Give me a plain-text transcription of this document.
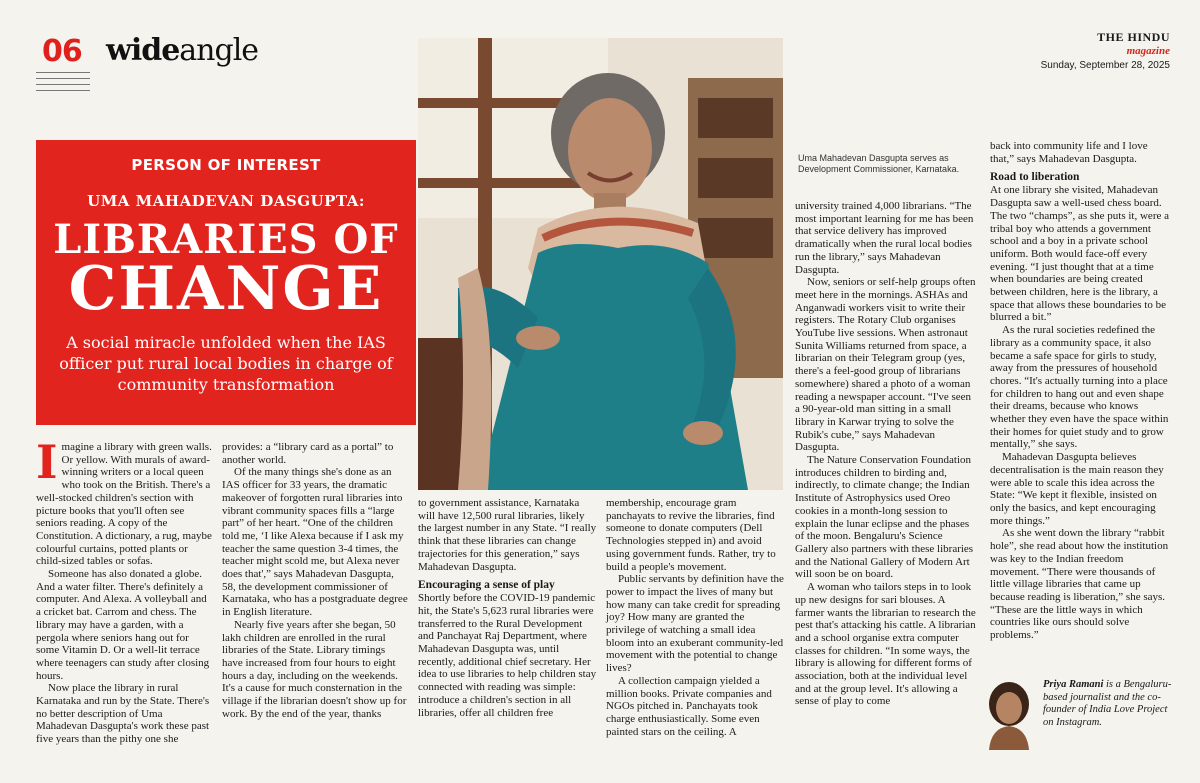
06 wideangle	THE HINDU
magazine
Sunday, September 28, 2025
PERSON OF INTEREST
UMA MAHADEVAN DASGUPTA:
LIBRARIES OF
CHANGE
A social miracle unfolded when the IAS officer put rural local bodies in charge of community transformation
Uma Mahadevan Dasgupta serves as Development Commissioner, Karnataka.

Imagine a library with green walls. Or yellow. With murals of award-winning writers or a local queen who took on the British. There's a well-stocked children's section with picture books that you'll often see seniors reading. A copy of the Constitution. A dictionary, a rug, maybe colourful curtains, potted plants or child-sized tables or sofas.

Someone has also donated a globe. And a water filter. There's definitely a computer. And Alexa. A volleyball and a cricket bat. Carrom and chess. The library may have a garden, with a pergola where seniors hang out for some Vitamin D. Or a well-lit terrace where teenagers can study after closing hours.

Now place the library in rural Karnataka and run by the State. There's no better description of Uma Mahadevan Dasgupta's work these past five years than the pithy one she

provides: a “library card as a portal” to another world.

Of the many things she's done as an IAS officer for 33 years, the dramatic makeover of forgotten rural libraries into vibrant community spaces fills a “large part” of her heart. “One of the children told me, ‘I like Alexa because if I ask my teacher the same question 3-4 times, the teacher might scold me, but Alexa never does that',” says Mahadevan Dasgupta, 58, the development commissioner of Karnataka, who has a postgraduate degree in English literature.

Nearly five years after she began, 50 lakh children are enrolled in the rural libraries of the State. Library timings have increased from four hours to eight hours a day, including on the weekends. It's a cause for much consternation in the village if the librarian doesn't show up for work. By the end of the year, thanks

to government assistance, Karnataka will have 12,500 rural libraries, likely the largest number in any State. “I really think that these libraries can change trajectories for this generation,” says Mahadevan Dasgupta.

Encouraging a sense of play

Shortly before the COVID-19 pandemic hit, the State's 5,623 rural libraries were transferred to the Rural Development and Panchayat Raj Department, where Mahadevan Dasgupta was, until recently, additional chief secretary. Her idea to use libraries to help children stay connected with reading was simple: introduce a children's section in all libraries, offer all children free

membership, encourage gram panchayats to revive the libraries, find someone to donate computers (Dell Technologies stepped in) and avoid using government funds. Rather, try to build a people's movement.

Public servants by definition have the power to impact the lives of many but how many can take credit for spreading joy? How many are granted the privilege of watching a small idea bloom into an exuberant community-led movement with the potential to change lives?

A collection campaign yielded a million books. Private companies and NGOs pitched in. Panchayats took charge enthusiastically. Some even painted stars on the ceiling. A

university trained 4,000 librarians. “The most important learning for me has been that service delivery has improved dramatically when the rural local bodies run the library,” says Mahadevan Dasgupta.

Now, seniors or self-help groups often meet here in the mornings. ASHAs and Anganwadi workers visit to write their registers. The Rotary Club organises YouTube live sessions. When astronaut Sunita Williams returned from space, a librarian on their Telegram group (yes, there's a feel-good group of librarians somewhere) shared a photo of a woman reading a newspaper account. “I've seen a 90-year-old man sitting in a small library in Karwar trying to solve the Rubik's cube,” says Mahadevan Dasgupta.

The Nature Conservation Foundation introduces children to birding and, indirectly, to climate change; the Indian Institute of Astrophysics used Oreo cookies in a month-long session to explain the lunar eclipse and the phases of the moon. Bengaluru's Science Gallery also partners with these libraries and the National Gallery of Modern Art will soon be on board.

A woman who tailors steps in to look up new designs for sari blouses. A farmer wants the librarian to research the pest that's attacking his cattle. A librarian and a school organise extra computer classes for children. “In some ways, the library is allowing for different forms of association, both at the individual level and at the group level. It's allowing a sense of play to come

back into community life and I love that,” says Mahadevan Dasgupta.

Road to liberation

At one library she visited, Mahadevan Dasgupta saw a well-used chess board. The two “champs”, as she puts it, were a tribal boy who attends a government school and a boy in a private school uniform. Both would face-off every evening. “I just thought that at a time when boundaries are being created between children, here is the library, a space that allows these boundaries to be blurred a bit.”

As the rural societies redefined the library as a community space, it also became a safe space for girls to study, away from the pressures of household chores. “It's actually turning into a place for children to hang out and even shape their dreams, because who knows whether they even have the space within their homes for quiet study and to grow mentally,” she says.

Mahadevan Dasgupta believes decentralisation is the main reason they were able to scale this idea across the State: “We kept it flexible, insisted on only the basics, and kept encouraging more things.”

As she went down the library “rabbit hole”, she read about how the institution was key to the Indian freedom movement. “There were thousands of little village libraries that came up because reading is liberation,” she says. “These are the little ways in which countries like ours should solve problems.”

Priya Ramani is a Bengaluru-based journalist and the co-founder of India Love Project on Instagram.
